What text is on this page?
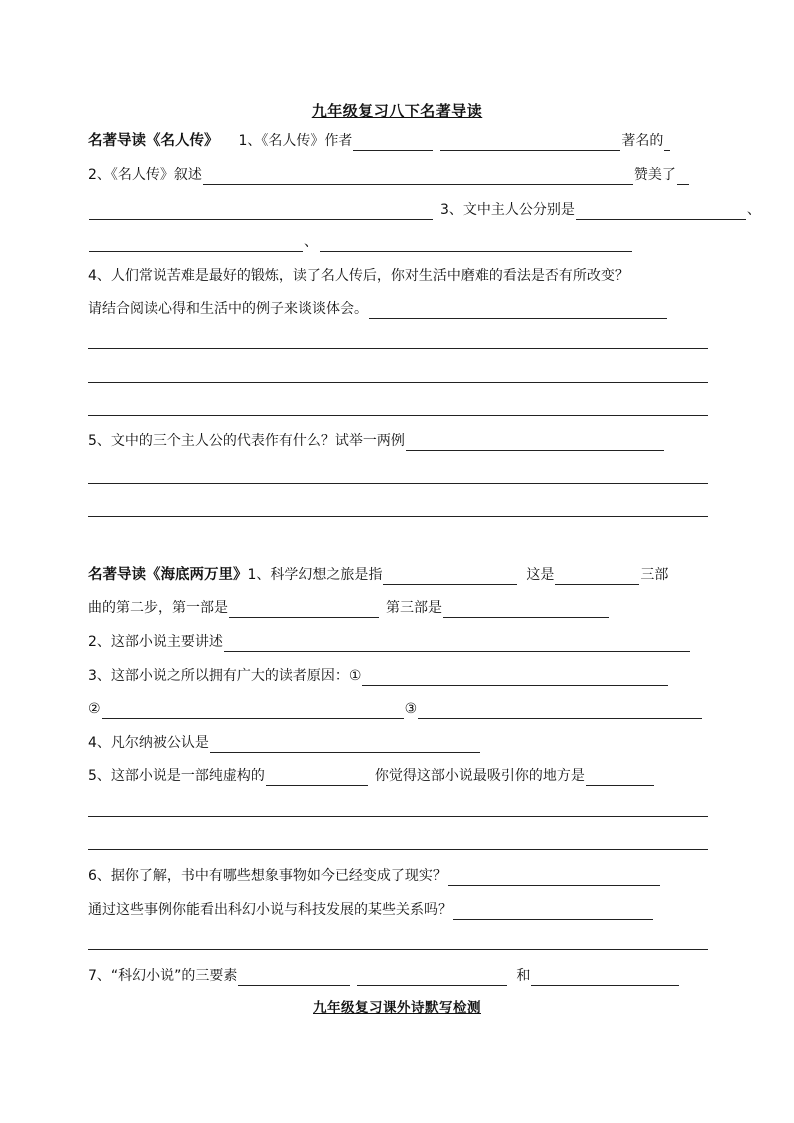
九年级复习八下名著导读
名著导读《名人传》 1、《名人传》作者	著名的
2、《名人传》叙述	赞美了
3、文中主人公分别是	、
、
4、人们常说苦难是最好的锻炼，读了名人传后，你对生活中磨难的看法是否有所改变？
请结合阅读心得和生活中的例子来谈谈体会。
5、文中的三个主人公的代表作有什么？试举一两例
名著导读《海底两万里》 1、科学幻想之旅是指	这是	三部
曲的第二步，第一部是	第三部是
2、这部小说主要讲述
3、这部小说之所以拥有广大的读者原因：①
②	③
4、凡尔纳被公认是
5、这部小说是一部纯虚构的	你觉得这部小说最吸引你的地方是
6、据你了解，书中有哪些想象事物如今已经变成了现实？
通过这些事例你能看出科幻小说与科技发展的某些关系吗？
7、“科幻小说”的三要素	和
九年级复习课外诗默写检测
